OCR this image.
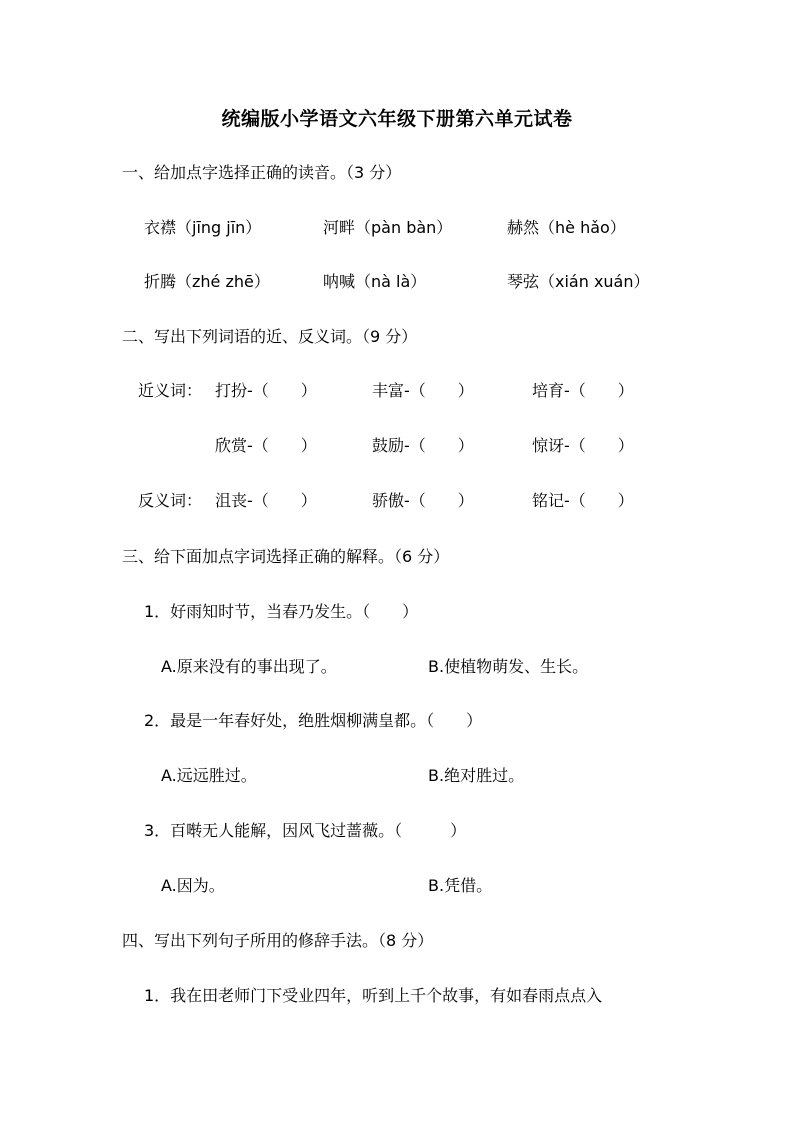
统编版小学语文六年级下册第六单元试卷
一、给加点字选择正确的读音。（3 分）
衣襟（jīng jīn）	河畔（pàn bàn）	赫然（hè hǎo）
折腾（zhé zhē）	呐喊（nà là）	琴弦（xián xuán）
二、写出下列词语的近、反义词。（9 分）
近义词： 打扮-（　　）	丰富-（　　）	培育-（　　）
欣赏-（　　）	鼓励-（　　）	惊讶-（　　）
反义词： 沮丧-（　　）	骄傲-（　　）	铭记-（　　）
三、给下面加点字词选择正确的解释。（6 分）
1．好雨知时节，当春乃发生。（　　）
A.原来没有的事出现了。	B.使植物萌发、生长。
2．最是一年春好处，绝胜烟柳满皇都。（　　）
A.远远胜过。	B.绝对胜过。
3．百啭无人能解，因风飞过蔷薇。（　　　）
A.因为。	B.凭借。
四、写出下列句子所用的修辞手法。（8 分）
1．我在田老师门下受业四年，听到上千个故事，有如春雨点点入
